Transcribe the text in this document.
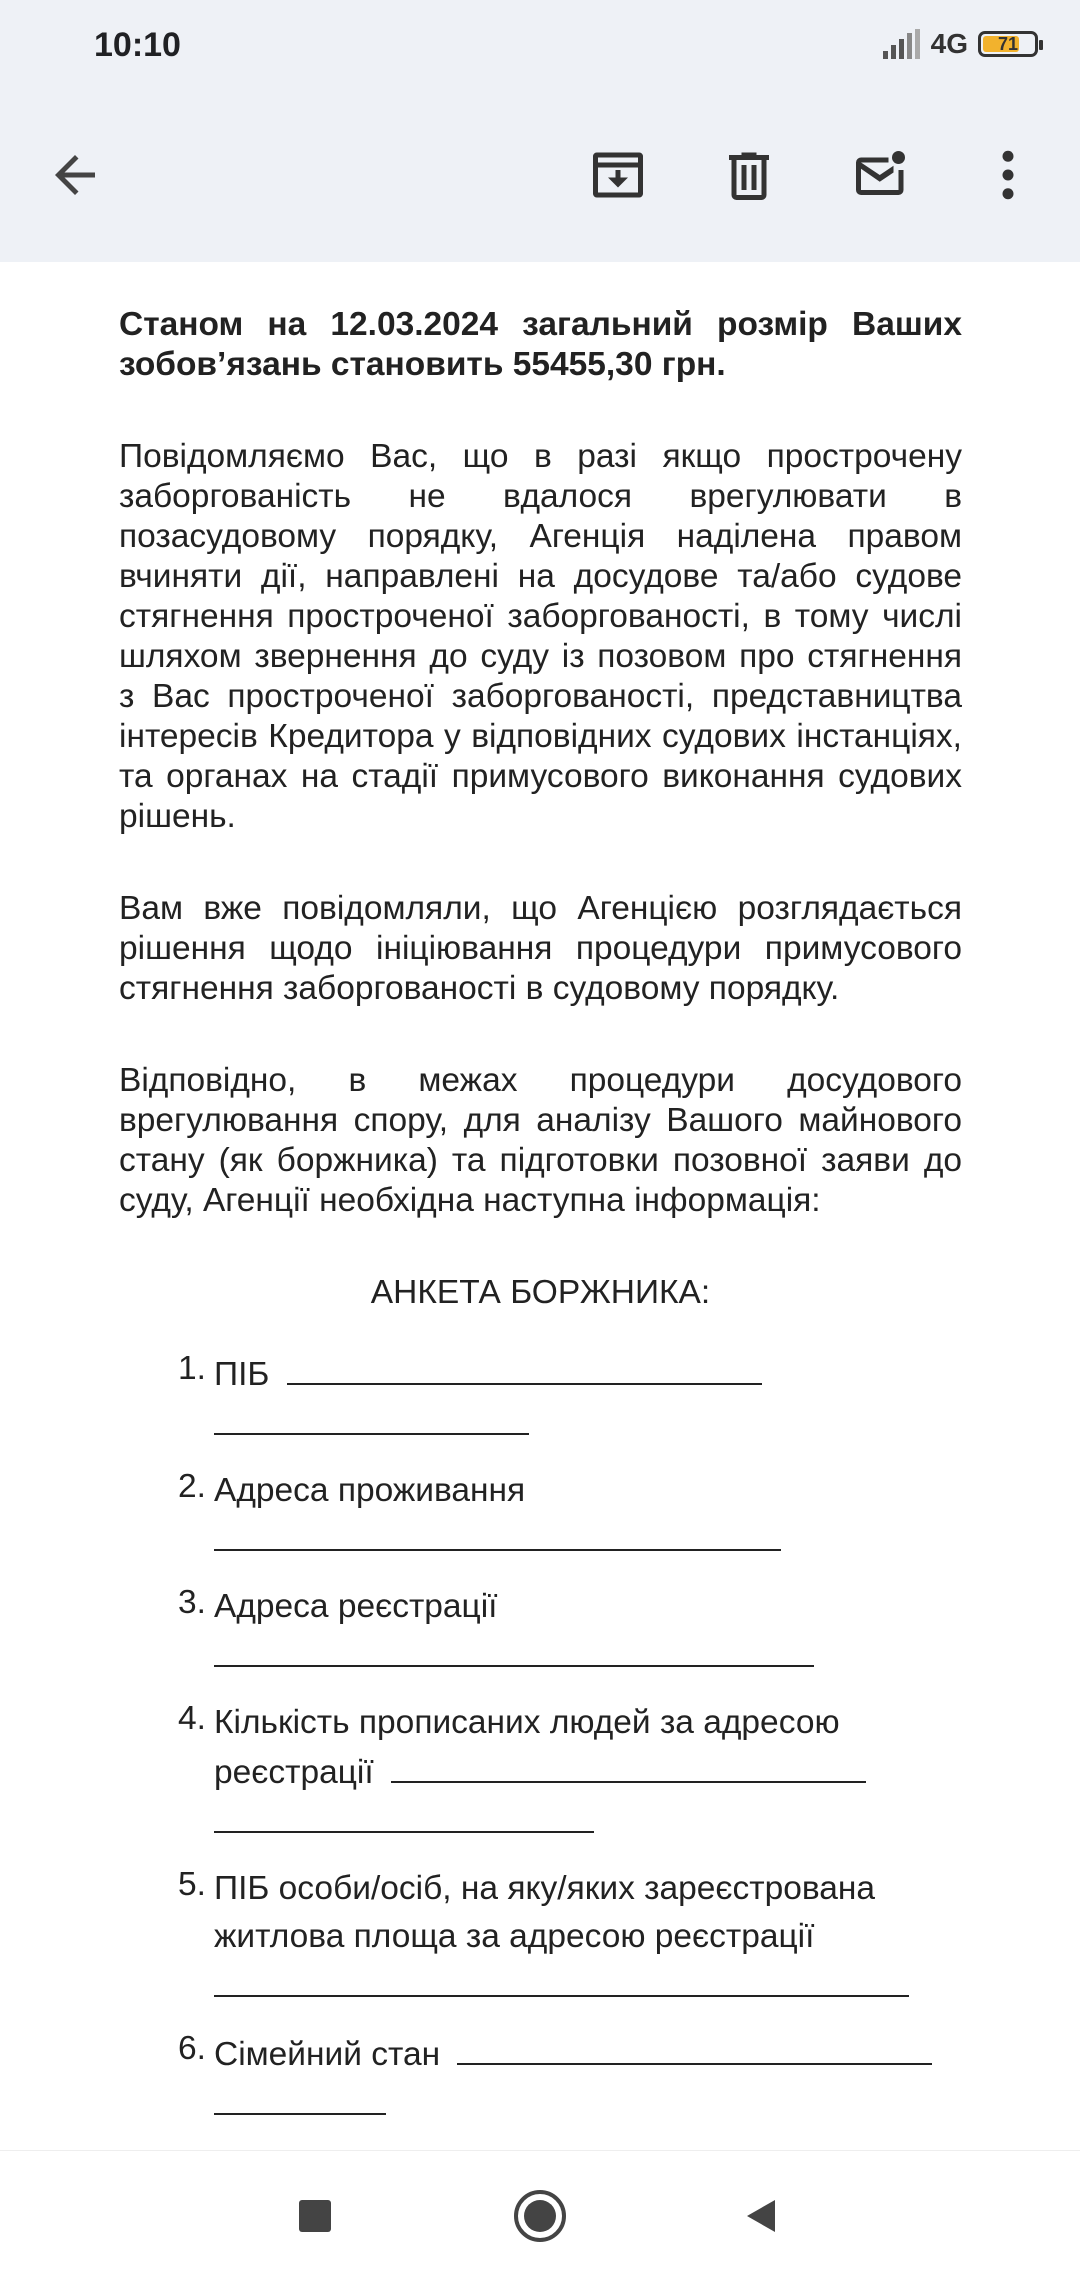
10:10	4G 71

Станом на 12.03.2024 загальний розмір Ваших зобов’язань становить 55455,30 грн.

Повідомляємо Вас, що в разі якщо прострочену заборгованість не вдалося врегулювати в позасудовому порядку, Агенція наділена правом вчиняти дії, направлені на досудове та/або судове стягнення простроченої заборгованості, в тому числі шляхом звернення до суду із позовом про стягнення з Вас простроченої заборгованості, представництва інтересів Кредитора у відповідних судових інстанціях, та органах на стадії примусового виконання судових рішень.

Вам вже повідомляли, що Агенцією розглядається рішення щодо ініціювання процедури примусового стягнення заборгованості в судовому порядку.

Відповідно, в межах процедури досудового врегулювання спору, для аналізу Вашого майнового стану (як боржника) та підготовки позовної заяви до суду, Агенції необхідна наступна інформація:

АНКЕТА БОРЖНИКА:
1. ПІБ

2. Адреса проживання

3. Адреса реєстрації

4. Кількість прописаних людей за адресою
реєстрації

5. ПІБ особи/осіб, на яку/яких зареєстрована
житлова площа за адресою реєстрації

6. Сімейний стан
